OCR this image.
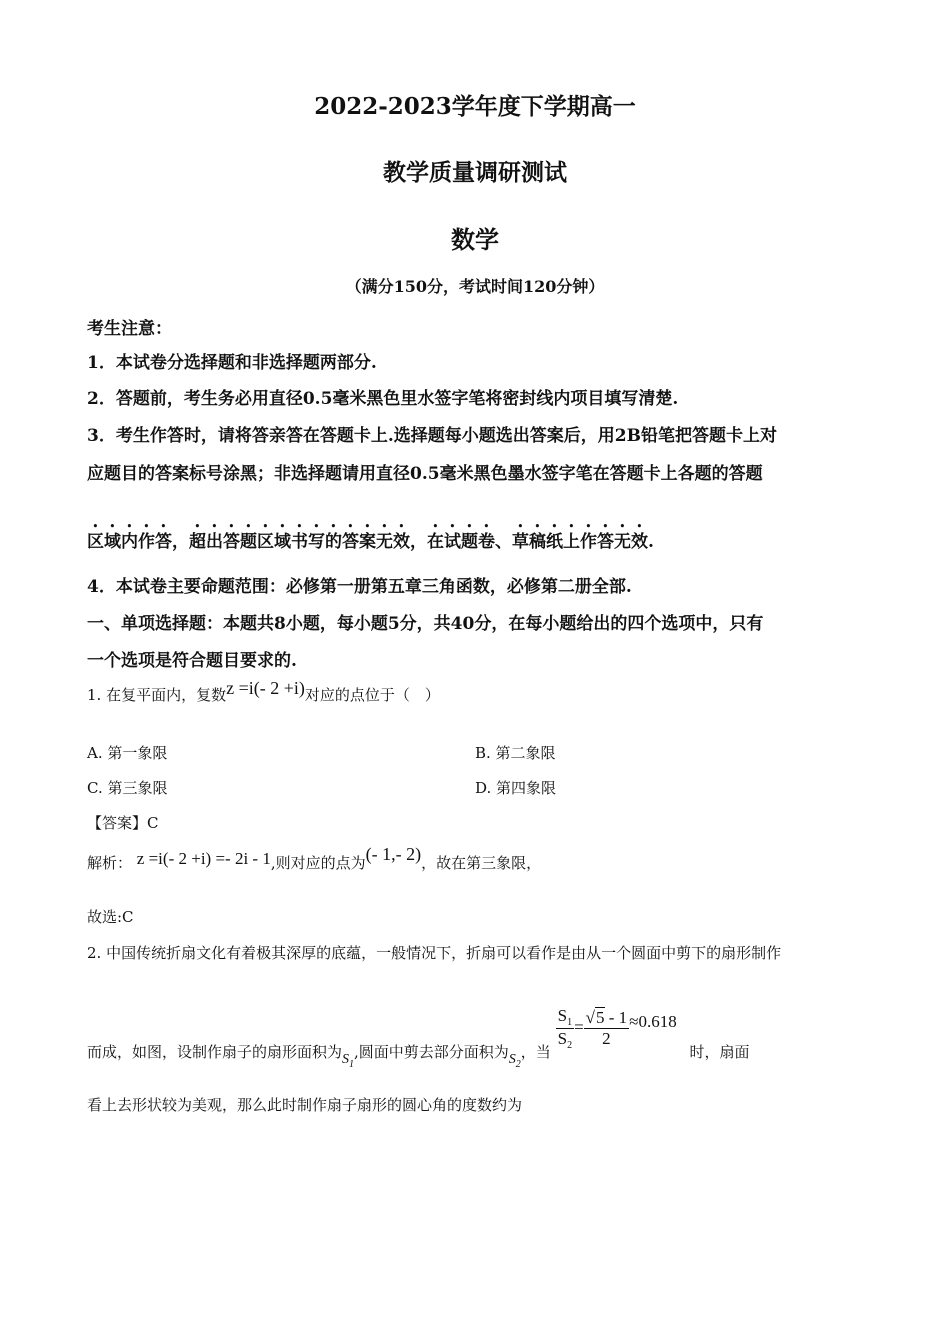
2022-2023学年度下学期高一
教学质量调研测试
数学
（满分150分，考试时间120分钟）
考生注意：
1．本试卷分选择题和非选择题两部分.
2．答题前，考生务必用直径0.5毫米黑色里水签字笔将密封线内项目填写清楚.
3．考生作答时，请将答亲答在答题卡上.选择题每小题选出答案后，用2B铅笔把答题卡上对
应题目的答案标号涂黑；非选择题请用直径0.5毫米黑色墨水签字笔在答题卡上各题的答题
区域内作答，超出答题区域书写的答案无效，在试题卷、草稿纸上作答无效.
4．本试卷主要命题范围：必修第一册第五章三角函数，必修第二册全部.
一、单项选择题：本题共8小题，每小题5分，共40分，在每小题给出的四个选项中，只有
一个选项是符合题目要求的.
1. 在复平面内，复数z =i(- 2 +i)对应的点位于（　）
A. 第一象限	B. 第二象限
C. 第三象限	D. 第四象限
【答案】C
解析： z =i(- 2 +i) =- 2i - 1,则对应的点为(- 1,- 2)，故在第三象限，
故选:C
2. 中国传统折扇文化有着极其深厚的底蕴，一般情况下，折扇可以看作是由从一个圆面中剪下的扇形制作
而成，如图，设制作扇子的扇形面积为$S_1$,圆面中剪去部分面积为$S_2$，当
$\frac{S_1}{S_2} = \frac{√5 - 1}{2} \approx 0.618$ 时，扇面
看上去形状较为美观，那么此时制作扇子扇形的圆心角的度数约为
